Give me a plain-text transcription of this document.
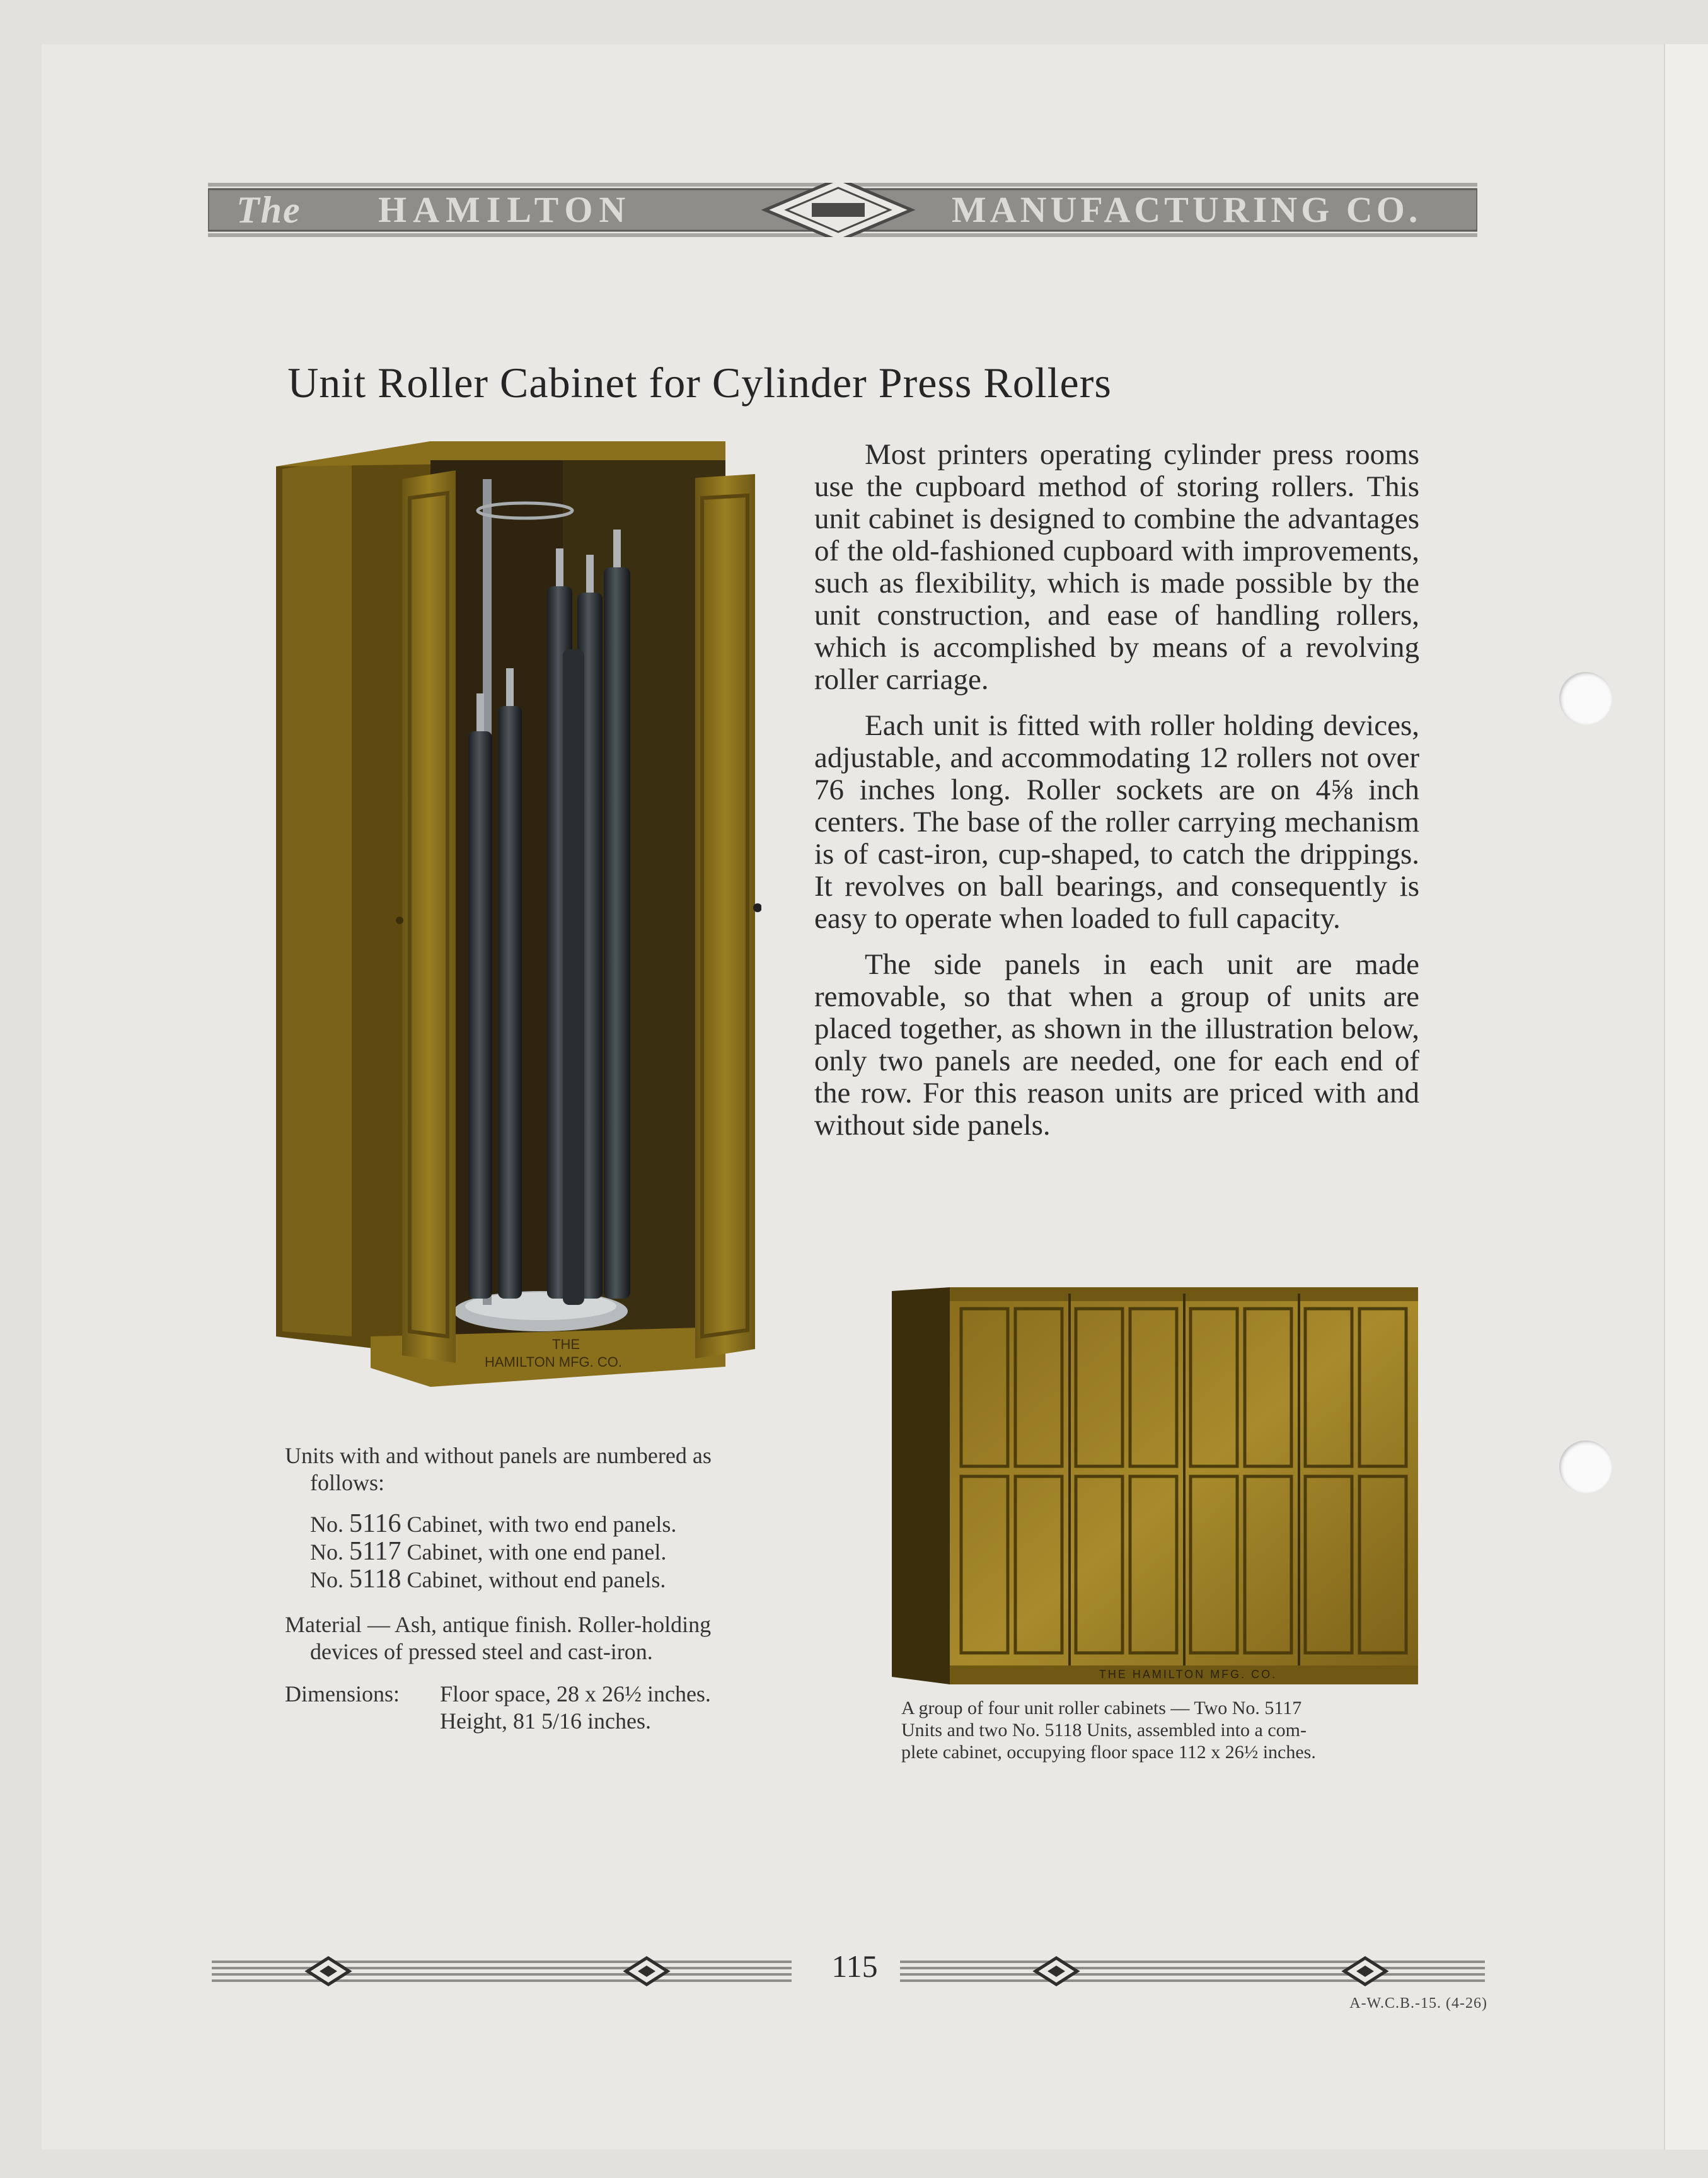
The HAMILTON	MANUFACTURING CO.
Unit Roller Cabinet for Cylinder Press Rollers
THE
HAMILTON MFG. CO.

Most printers operating cylinder press rooms use the cupboard method of storing rollers. This unit cabinet is designed to combine the advantages of the old-fashioned cupboard with improvements, such as flexibility, which is made possible by the unit construction, and ease of handling rollers, which is accomplished by means of a revolving roller carriage.

Each unit is fitted with roller holding devices, adjustable, and accommodating 12 rollers not over 76 inches long. Roller sockets are on 4⅝ inch centers. The base of the roller carrying mechanism is of cast-iron, cup-shaped, to catch the drippings. It revolves on ball bearings, and consequently is easy to operate when loaded to full capacity.

The side panels in each unit are made removable, so that when a group of units are placed together, as shown in the illustration below, only two panels are needed, one for each end of the row. For this reason units are priced with and without side panels.

THE HAMILTON MFG. CO.

Units with and without panels are numbered as

follows:

No. 5116 Cabinet, with two end panels.

No. 5117 Cabinet, with one end panel.

No. 5118 Cabinet, without end panels.

Material — Ash, antique finish. Roller-holding

devices of pressed steel and cast-iron.

Dimensions:	Floor space, 28 x 26½ inches.
Height, 81 5/16 inches.
A group of four unit roller cabinets — Two No. 5117
Units and two No. 5118 Units, assembled into a com-
plete cabinet, occupying floor space 112 x 26½ inches.
115
A-W.C.B.-15. (4-26)
